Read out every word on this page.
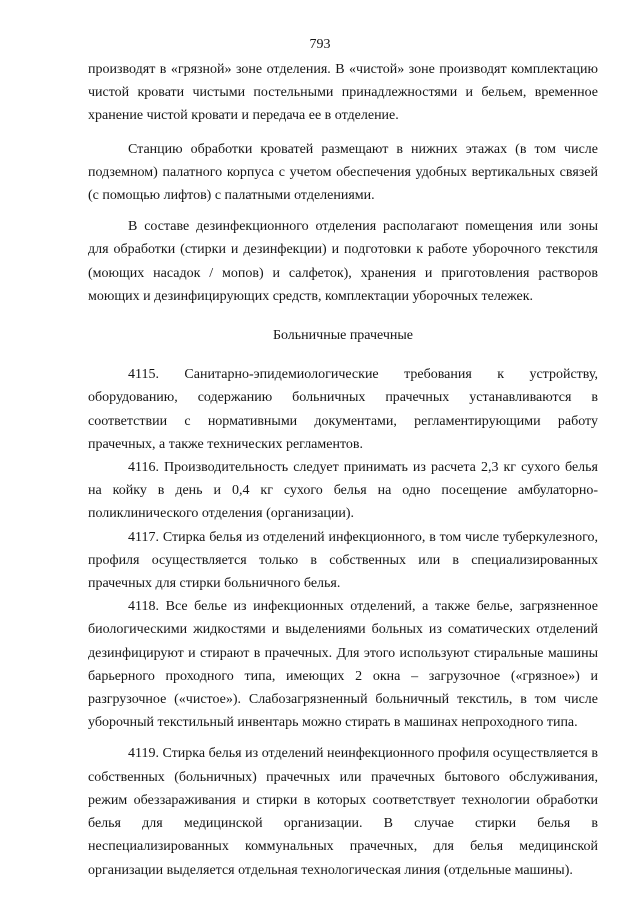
793

производят в «грязной» зоне отделения. В «чистой» зоне производят комплектацию чистой кровати чистыми постельными принадлежностями и бельем, временное хранение чистой кровати и передача ее в отделение.

Станцию обработки кроватей размещают в нижних этажах (в том числе подземном) палатного корпуса с учетом обеспечения удобных вертикальных связей (с помощью лифтов) с палатными отделениями.

В составе дезинфекционного отделения располагают помещения или зоны для обработки (стирки и дезинфекции) и подготовки к работе уборочного текстиля (моющих насадок / мопов) и салфеток), хранения и приготовления растворов моющих и дезинфицирующих средств, комплектации уборочных тележек.

Больничные прачечные

4115. Санитарно-эпидемиологические требования к устройству, оборудованию, содержанию больничных прачечных устанавливаются в соответствии с нормативными документами, регламентирующими работу прачечных, а также технических регламентов.

4116. Производительность следует принимать из расчета 2,3 кг сухого белья на койку в день и 0,4 кг сухого белья на одно посещение амбулаторно-поликлинического отделения (организации).

4117. Стирка белья из отделений инфекционного, в том числе туберкулезного, профиля осуществляется только в собственных или в специализированных прачечных для стирки больничного белья.

4118. Все белье из инфекционных отделений, а также белье, загрязненное биологическими жидкостями и выделениями больных из соматических отделений дезинфицируют и стирают в прачечных. Для этого используют стиральные машины барьерного проходного типа, имеющих 2 окна – загрузочное («грязное») и разгрузочное («чистое»). Слабозагрязненный больничный текстиль, в том числе уборочный текстильный инвентарь можно стирать в машинах непроходного типа.

4119. Стирка белья из отделений неинфекционного профиля осуществляется в собственных (больничных) прачечных или прачечных бытового обслуживания, режим обеззараживания и стирки в которых соответствует технологии обработки белья для медицинской организации. В случае стирки белья в неспециализированных коммунальных прачечных, для белья медицинской организации выделяется отдельная технологическая линия (отдельные машины).
